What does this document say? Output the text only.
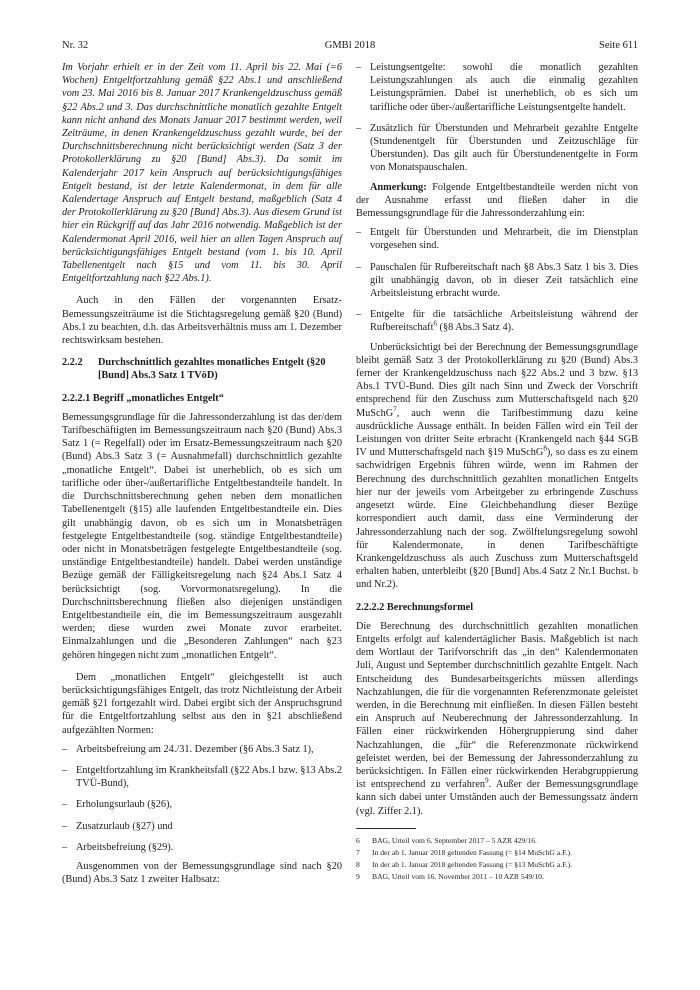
Nr. 32	GMBl 2018	Seite 611

Im Vorjahr erhielt er in der Zeit vom 11. April bis 22. Mai (=6 Wochen) Entgeltfortzahlung gemäß §22 Abs.1 und anschließend vom 23. Mai 2016 bis 8. Januar 2017 Krankengeldzuschuss gemäß §22 Abs.2 und 3. Das durchschnittliche monatlich gezahlte Entgelt kann nicht anhand des Monats Januar 2017 bestimmt werden, weil Zeiträume, in denen Krankengeldzuschuss gezahlt wurde, bei der Durchschnittsberechnung nicht berücksichtigt werden (Satz 3 der Protokollerklärung zu §20 [Bund] Abs.3). Da somit im Kalenderjahr 2017 kein Anspruch auf berücksichtigungsfähiges Entgelt bestand, ist der letzte Kalendermonat, in dem für alle Kalendertage Anspruch auf Entgelt bestand, maßgeblich (Satz 4 der Protokollerklärung zu §20 [Bund] Abs.3). Aus diesem Grund ist hier ein Rückgriff auf das Jahr 2016 notwendig. Maßgeblich ist der Kalendermonat April 2016, weil hier an allen Tagen Anspruch auf berücksichtigungsfähiges Entgelt bestand (vom 1. bis 10. April Tabellenentgelt nach §15 und vom 11. bis 30. April Entgeltfortzahlung nach §22 Abs.1).

Auch in den Fällen der vorgenannten Ersatz-Bemessungszeiträume ist die Stichtagsregelung gemäß §20 (Bund) Abs.1 zu beachten, d.h. das Arbeitsverhältnis muss am 1. Dezember rechtswirksam bestehen.

2.2.2	Durchschnittlich gezahltes monatliches Entgelt (§20 [Bund] Abs.3 Satz 1 TVöD)
2.2.2.1 Begriff „monatliches Entgelt“

Bemessungsgrundlage für die Jahressonderzahlung ist das der/dem Tarifbeschäftigten im Bemessungszeitraum nach §20 (Bund) Abs.3 Satz 1 (= Regelfall) oder im Ersatz-Bemessungszeitraum nach §20 (Bund) Abs.3 Satz 3 (= Ausnahmefall) durchschnittlich gezahlte „monatliche Entgelt“. Dabei ist unerheblich, ob es sich um tarifliche oder über-/außertarifliche Entgeltbestandteile handelt. In die Durchschnittsberechnung gehen neben dem monatlichen Tabellenentgelt (§15) alle laufenden Entgeltbestandteile ein. Dies gilt unabhängig davon, ob es sich um in Monatsbeträgen festgelegte Entgeltbestandteile (sog. ständige Entgeltbestandteile) oder nicht in Monatsbeträgen festgelegte Entgeltbestandteile (sog. unständige Entgeltbestandteile) handelt. Dabei werden unständige Bezüge gemäß der Fälligkeitsregelung nach §24 Abs.1 Satz 4 berücksichtigt (sog. Vorvormonatsregelung). In die Durchschnittsberechnung fließen also diejenigen unständigen Entgeltbestandteile ein, die im Bemessungszeitraum ausgezahlt werden; diese wurden zwei Monate zuvor erarbeitet. Einmalzahlungen und die „Besonderen Zahlungen“ nach §23 gehören hingegen nicht zum „monatlichen Entgelt“.

Dem „monatlichen Entgelt“ gleichgestellt ist auch berücksichtigungsfähiges Entgelt, das trotz Nichtleistung der Arbeit gemäß §21 fortgezahlt wird. Dabei ergibt sich der Anspruchsgrund für die Entgeltfortzahlung selbst aus den in §21 abschließend aufgezählten Normen:

– Arbeitsbefreiung am 24./31. Dezember (§6 Abs.3 Satz 1),
– Entgeltfortzahlung im Krankheitsfall (§22 Abs.1 bzw. §13 Abs.2 TVÜ-Bund),
– Erholungsurlaub (§26),
– Zusatzurlaub (§27) und
– Arbeitsbefreiung (§29).

Ausgenommen von der Bemessungsgrundlage sind nach §20 (Bund) Abs.3 Satz 1 zweiter Halbsatz:

– Leistungsentgelte: sowohl die monatlich gezahlten Leistungszahlungen als auch die einmalig gezahlten Leistungsprämien. Dabei ist unerheblich, ob es sich um tarifliche oder über-/außertarifliche Leistungsentgelte handelt.
– Zusätzlich für Überstunden und Mehrarbeit gezahlte Entgelte (Stundenentgelt für Überstunden und Zeitzuschläge für Überstunden). Das gilt auch für Überstundenentgelte in Form von Monatspauschalen.

Anmerkung: Folgende Entgeltbestandteile werden nicht von der Ausnahme erfasst und fließen daher in die Bemessungsgrundlage für die Jahressonderzahlung ein:

– Entgelt für Überstunden und Mehrarbeit, die im Dienstplan vorgesehen sind.
– Pauschalen für Rufbereitschaft nach §8 Abs.3 Satz 1 bis 3. Dies gilt unabhängig davon, ob in dieser Zeit tatsächlich eine Arbeitsleistung erbracht wurde.
– Entgelte für die tatsächliche Arbeitsleistung während der Rufbereitschaft$^6$ (§8 Abs.3 Satz 4).

Unberücksichtigt bei der Berechnung der Bemessungsgrundlage bleibt gemäß Satz 3 der Protokollerklärung zu §20 (Bund) Abs.3 ferner der Krankengeldzuschuss nach §22 Abs.2 und 3 bzw. §13 Abs.1 TVÜ-Bund. Dies gilt nach Sinn und Zweck der Vorschrift entsprechend für den Zuschuss zum Mutterschaftsgeld nach §20 MuSchG$^7$, auch wenn die Tarifbestimmung dazu keine ausdrückliche Aussage enthält. In beiden Fällen wird ein Teil der Leistungen von dritter Seite erbracht (Krankengeld nach §44 SGB IV und Mutterschaftsgeld nach §19 MuSchG$^8$), so dass es zu einem sachwidrigen Ergebnis führen würde, wenn im Rahmen der Berechnung des durchschnittlich gezahlten monatlichen Entgelts hier nur der jeweils vom Arbeitgeber zu erbringende Zuschuss angesetzt würde. Eine Gleichbehandlung dieser Bezüge korrespondiert auch damit, dass eine Verminderung der Jahressonderzahlung nach der sog. Zwölftelungsregelung sowohl für Kalendermonate, in denen Tarifbeschäftigte Krankengeldzuschuss als auch Zuschuss zum Mutterschaftsgeld erhalten haben, unterbleibt (§20 [Bund] Abs.4 Satz 2 Nr.1 Buchst. b und Nr.2).

2.2.2.2 Berechnungsformel

Die Berechnung des durchschnittlich gezahlten monatlichen Entgelts erfolgt auf kalendertäglicher Basis. Maßgeblich ist nach dem Wortlaut der Tarifvorschrift das „in den“ Kalendermonaten Juli, August und September durchschnittlich gezahlte Entgelt. Nach Entscheidung des Bundesarbeitsgerichts müssen allerdings Nachzahlungen, die für die vorgenannten Referenzmonate geleistet werden, in die Berechnung mit einfließen. In diesen Fällen besteht ein Anspruch auf Neuberechnung der Jahressonderzahlung. In Fällen einer rückwirkenden Höhergruppierung sind daher Nachzahlungen, die „für“ die Referenzmonate rückwirkend geleistet werden, bei der Bemessung der Jahressonderzahlung zu berücksichtigen. In Fällen einer rückwirkenden Herabgruppierung ist entsprechend zu verfahren$^9$. Außer der Bemessungsgrundlage kann sich dabei unter Umständen auch der Bemessungssatz ändern (vgl. Ziffer 2.1).

6	BAG, Urteil vom 6. September 2017 – 5 AZR 429/16.
7	In der ab 1. Januar 2018 geltenden Fassung (= §14 MuSchG a.F.).
8	In der ab 1. Januar 2018 geltenden Fassung (= §13 MuSchG a.F.).
9	BAG, Urteil vom 16. November 2011 – 10 AZR 549/10.
